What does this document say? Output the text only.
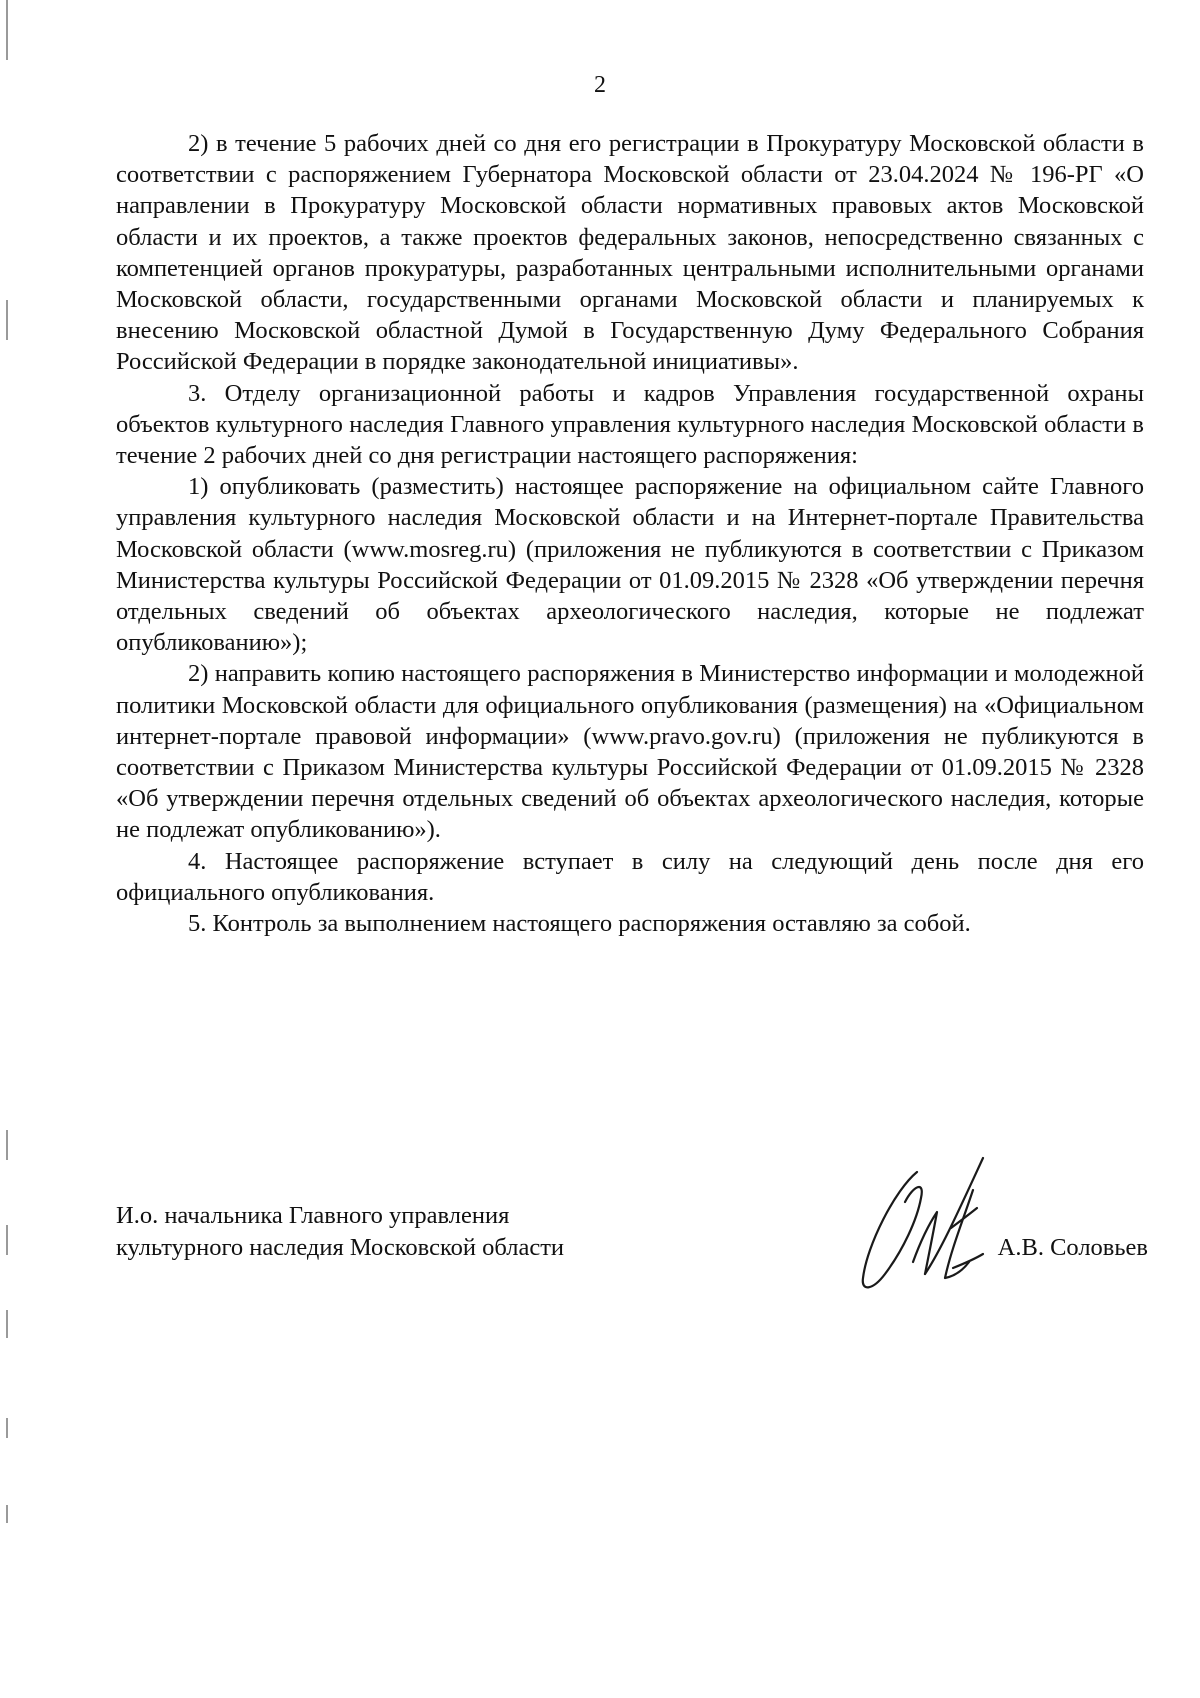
2

2) в течение 5 рабочих дней со дня его регистрации в Прокуратуру Московской области в соответствии с распоряжением Губернатора Московской области от 23.04.2024 № 196-РГ «О направлении в Прокуратуру Московской области нормативных правовых актов Московской области и их проектов, а также проектов федеральных законов, непосредственно связанных с компетенцией органов прокуратуры, разработанных центральными исполнительными органами Московской области, государственными органами Московской области и планируемых к внесению Московской областной Думой в Государственную Думу Федерального Собрания Российской Федерации в порядке законодательной инициативы».

3. Отделу организационной работы и кадров Управления государственной охраны объектов культурного наследия Главного управления культурного наследия Московской области в течение 2 рабочих дней со дня регистрации настоящего распоряжения:

1) опубликовать (разместить) настоящее распоряжение на официальном сайте Главного управления культурного наследия Московской области и на Интернет-портале Правительства Московской области (www.mosreg.ru) (приложения не публикуются в соответствии с Приказом Министерства культуры Российской Федерации от 01.09.2015 № 2328 «Об утверждении перечня отдельных сведений об объектах археологического наследия, которые не подлежат опубликованию»);

2) направить копию настоящего распоряжения в Министерство информации и молодежной политики Московской области для официального опубликования (размещения) на «Официальном интернет-портале правовой информации» (www.pravo.gov.ru) (приложения не публикуются в соответствии с Приказом Министерства культуры Российской Федерации от 01.09.2015 № 2328 «Об утверждении перечня отдельных сведений об объектах археологического наследия, которые не подлежат опубликованию»).

4. Настоящее распоряжение вступает в силу на следующий день после дня его официального опубликования.

5. Контроль за выполнением настоящего распоряжения оставляю за собой.

И.о. начальника Главного управления
культурного наследия Московской области	А.В. Соловьев
